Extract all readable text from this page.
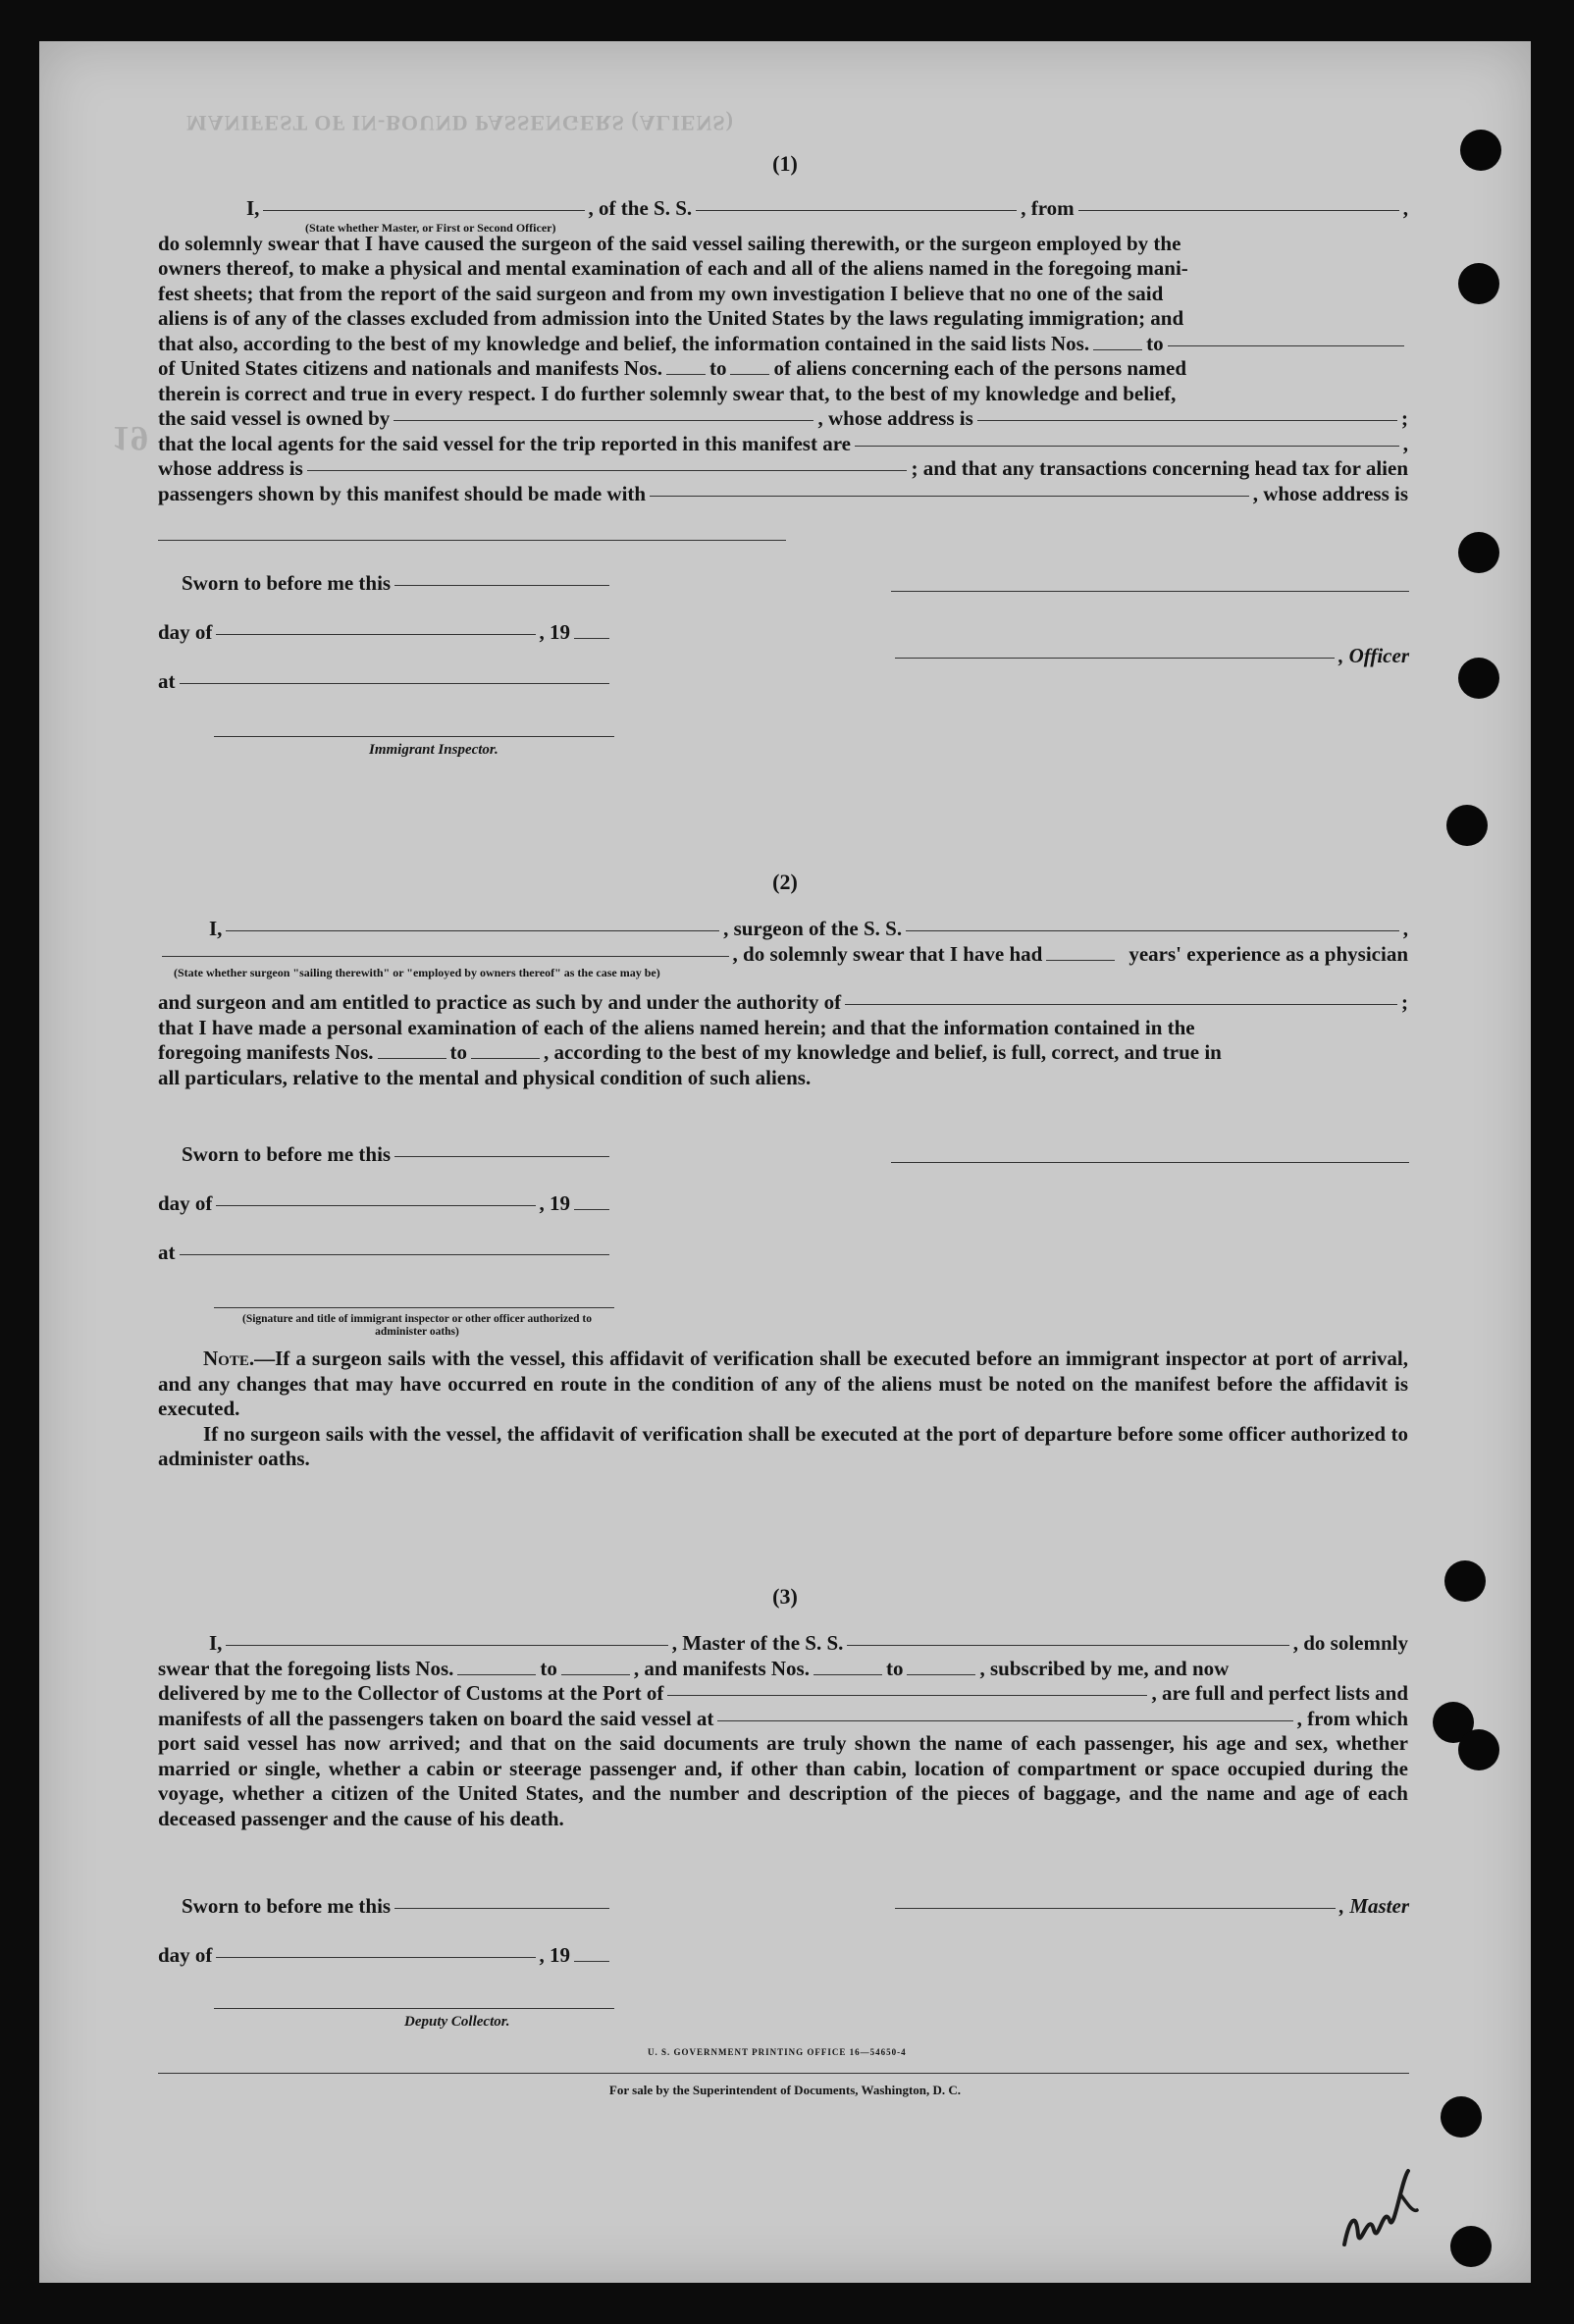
MANIFEST OF IN-BOUND PASSENGERS (ALIENS)
19
(1)
I,	, of the S. S.	, from	,
(State whether Master, or First or Second Officer)
do solemnly swear that I have caused the surgeon of the said vessel sailing therewith, or the surgeon employed by the
owners thereof, to make a physical and mental examination of each and all of the aliens named in the foregoing mani-
fest sheets; that from the report of the said surgeon and from my own investigation I believe that no one of the said
aliens is of any of the classes excluded from admission into the United States by the laws regulating immigration; and
that also, according to the best of my knowledge and belief, the information contained in the said lists Nos.	to
of United States citizens and nationals and manifests Nos. to of aliens concerning each of the persons named
therein is correct and true in every respect. I do further solemnly swear that, to the best of my knowledge and belief,
the said vessel is owned by	, whose address is	;
that the local agents for the said vessel for the trip reported in this manifest are	,
whose address is	; and that any transactions concerning head tax for alien
passengers shown by this manifest should be made with	, whose address is
Sworn to before me this
day of	, 19
, Officer
at
Immigrant Inspector.
(2)
I,	, surgeon of the S. S.	,
, do solemnly swear that I have had	years' experience as a physician
(State whether surgeon "sailing therewith" or "employed by owners thereof" as the case may be)
and surgeon and am entitled to practice as such by and under the authority of	;
that I have made a personal examination of each of the aliens named herein; and that the information contained in the
foregoing manifests Nos.	to	, according to the best of my knowledge and belief, is full, correct, and true in
all particulars, relative to the mental and physical condition of such aliens.
Sworn to before me this
day of	, 19
at
(Signature and title of immigrant inspector or other officer authorized to administer oaths)
Note.—If a surgeon sails with the vessel, this affidavit of verification shall be executed before an immigrant inspector at port of arrival, and any changes that may have occurred en route in the condition of any of the aliens must be noted on the manifest before the affidavit is executed.
If no surgeon sails with the vessel, the affidavit of verification shall be executed at the port of departure before some officer authorized to administer oaths.
(3)
I,	, Master of the S. S.	, do solemnly
swear that the foregoing lists Nos.	to	, and manifests Nos.	to	, subscribed by me, and now
delivered by me to the Collector of Customs at the Port of	, are full and perfect lists and
manifests of all the passengers taken on board the said vessel at	, from which
port said vessel has now arrived; and that on the said documents are truly shown the name of each passenger, his age and sex, whether married or single, whether a cabin or steerage passenger and, if other than cabin, location of compartment or space occupied during the voyage, whether a citizen of the United States, and the number and description of the pieces of baggage, and the name and age of each deceased passenger and the cause of his death.
Sworn to before me this	, Master
day of	, 19
Deputy Collector.
U. S. GOVERNMENT PRINTING OFFICE 16—54650-4
For sale by the Superintendent of Documents, Washington, D. C.
